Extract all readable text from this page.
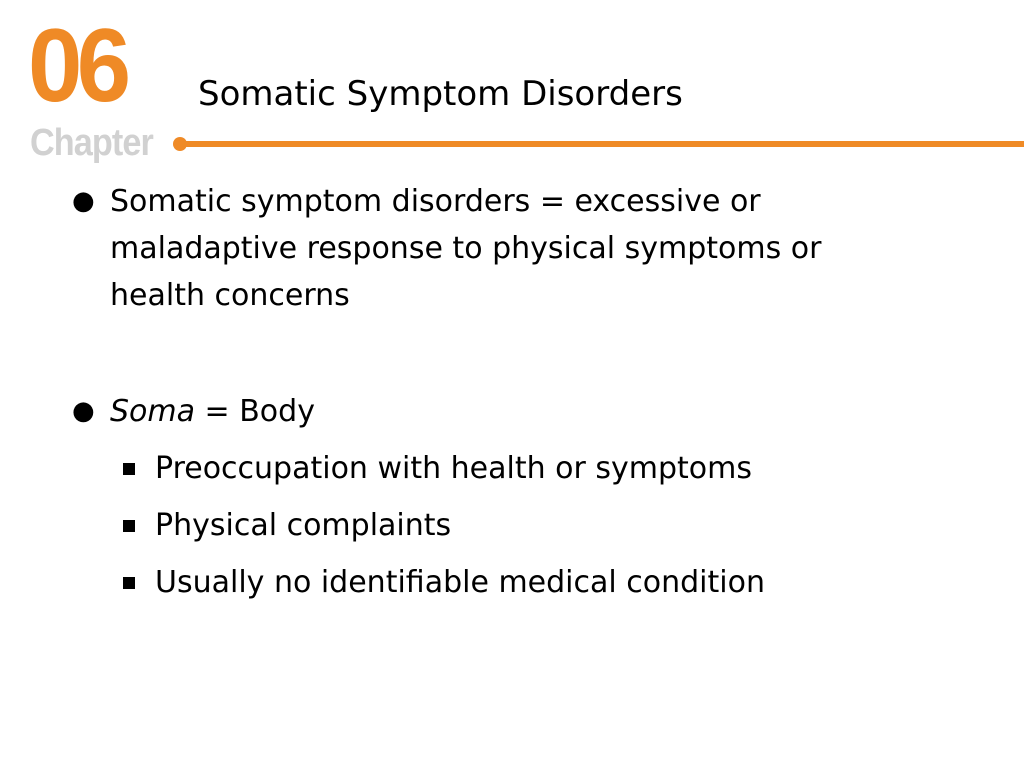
06
Chapter
Somatic Symptom Disorders
● Somatic symptom disorders = excessive or maladaptive response to physical symptoms or health concerns
● Soma = Body
Preoccupation with health or symptoms
Physical complaints
Usually no identifiable medical condition
